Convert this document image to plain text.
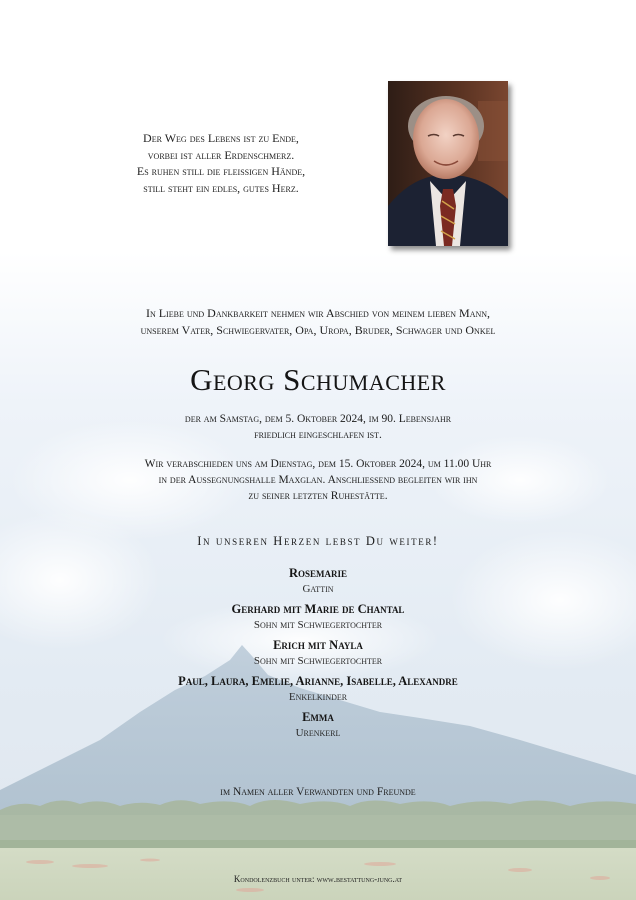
Der Weg des Lebens ist zu Ende,
vorbei ist aller Erdenschmerz.
Es ruhen still die fleissigen Hände,
still steht ein edles, gutes Herz.
In Liebe und Dankbarkeit nehmen wir Abschied von meinem lieben Mann,
unserem Vater, Schwiegervater, Opa, Uropa, Bruder, Schwager und Onkel
Georg Schumacher
der am Samstag, dem 5. Oktober 2024, im 90. Lebensjahr
friedlich eingeschlafen ist.
Wir verabschieden uns am Dienstag, dem 15. Oktober 2024, um 11.00 Uhr
in der Aussegnungshalle Maxglan. Anschliessend begleiten wir ihn
zu seiner letzten Ruhestätte.
In unseren Herzen lebst Du weiter!
Rosemarie
Gattin
Gerhard mit Marie de Chantal
Sohn mit Schwiegertochter
Erich mit Nayla
Sohn mit Schwiegertochter
Paul, Laura, Emelie, Arianne, Isabelle, Alexandre
Enkelkinder
Emma
Urenkerl
im Namen aller Verwandten und Freunde
Kondolenzbuch unter: www.bestattung-jung.at
